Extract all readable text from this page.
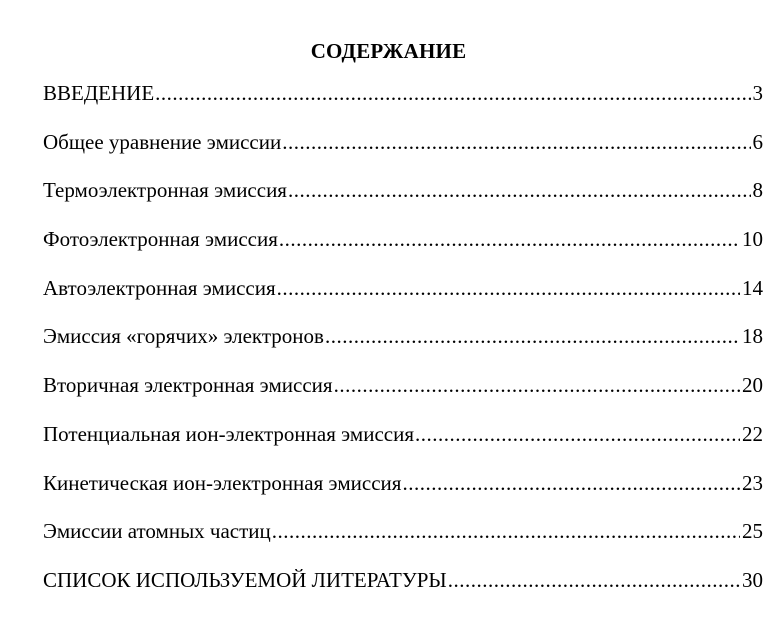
СОДЕРЖАНИЕ
ВВЕДЕНИЕ .....	3
Общее уравнение эмиссии .....	6
Термоэлектронная эмиссия .....	8
Фотоэлектронная эмиссия .....	10
Автоэлектронная эмиссия .....	14
Эмиссия «горячих» электронов .....	18
Вторичная электронная эмиссия .....	20
Потенциальная ион-электронная эмиссия .....	22
Кинетическая ион-электронная эмиссия .....	23
Эмиссии атомных частиц .....	25
СПИСОК ИСПОЛЬЗУЕМОЙ ЛИТЕРАТУРЫ .....	30
